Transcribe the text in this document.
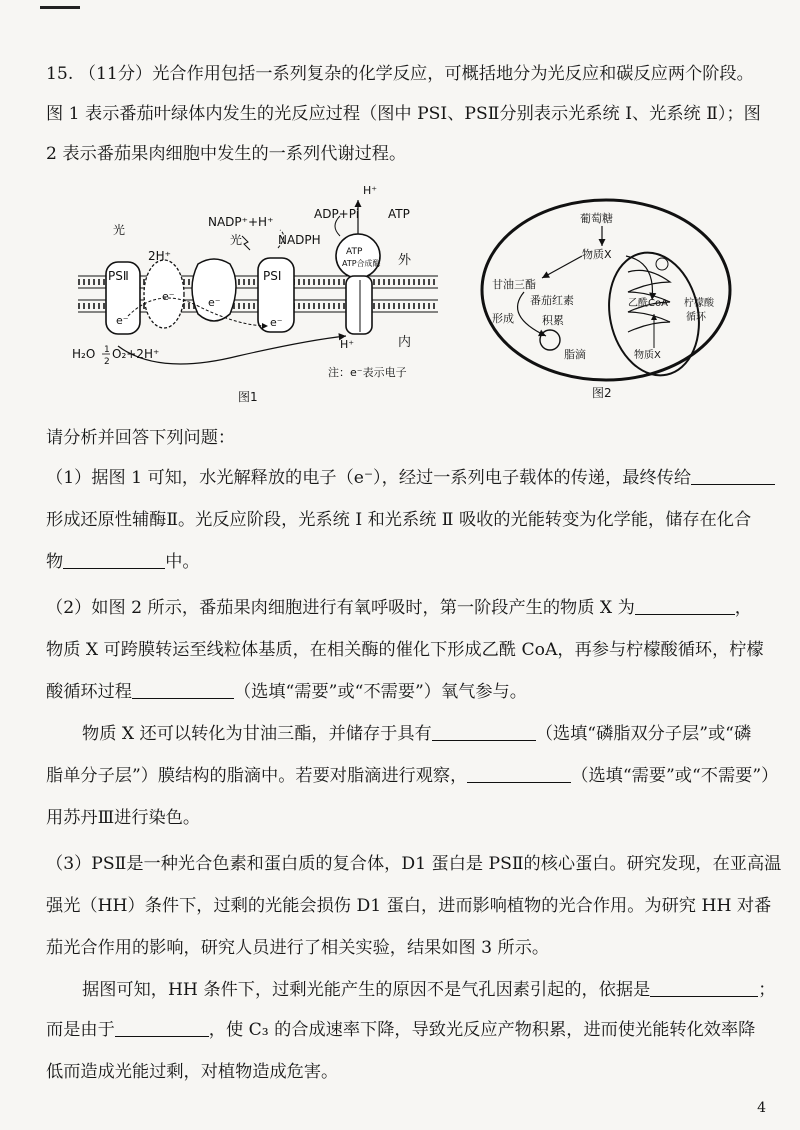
15. （11分）光合作用包括一系列复杂的化学反应，可概括地分为光反应和碳反应两个阶段。
图 1 表示番茄叶绿体内发生的光反应过程（图中 PSⅠ、PSⅡ分别表示光系统 Ⅰ、光系统 Ⅱ）；图
2 表示番茄果肉细胞中发生的一系列代谢过程。
PSⅡ	PSⅠ
ATP
ATP合成酶
光
2H⁺
NADP⁺+H⁺
光	NADPH
ADP+Pi ATP
H⁺
外
内
H⁺
e⁻
e⁻	e⁻
e⁻
H₂O 1
2
O₂+2H⁺
注：e⁻表示电子
图1
葡萄糖
物质X
甘油三酯
番茄红素
形成	积累
脂滴
乙酰CoA 柠檬酸
循环
物质X
图2
请分析并回答下列问题：
（1）据图 1 可知，水光解释放的电子（e⁻），经过一系列电子载体的传递，最终传给
形成还原性辅酶Ⅱ。光反应阶段，光系统 Ⅰ 和光系统 Ⅱ 吸收的光能转变为化学能，储存在化合
物	中。
（2）如图 2 所示，番茄果肉细胞进行有氧呼吸时，第一阶段产生的物质 X 为	，
物质 X 可跨膜转运至线粒体基质，在相关酶的催化下形成乙酰 CoA，再参与柠檬酸循环，柠檬
酸循环过程	（选填“需要”或“不需要”）氧气参与。
物质 X 还可以转化为甘油三酯，并储存于具有	（选填“磷脂双分子层”或“磷
脂单分子层”）膜结构的脂滴中。若要对脂滴进行观察，	（选填“需要”或“不需要”）
用苏丹Ⅲ进行染色。
（3）PSⅡ是一种光合色素和蛋白质的复合体，D1 蛋白是 PSⅡ的核心蛋白。研究发现，在亚高温
强光（HH）条件下，过剩的光能会损伤 D1 蛋白，进而影响植物的光合作用。为研究 HH 对番
茄光合作用的影响，研究人员进行了相关实验，结果如图 3 所示。
据图可知，HH 条件下，过剩光能产生的原因不是气孔因素引起的，依据是	；
而是由于	，使 C₃ 的合成速率下降，导致光反应产物积累，进而使光能转化效率降
低而造成光能过剩，对植物造成危害。
4
